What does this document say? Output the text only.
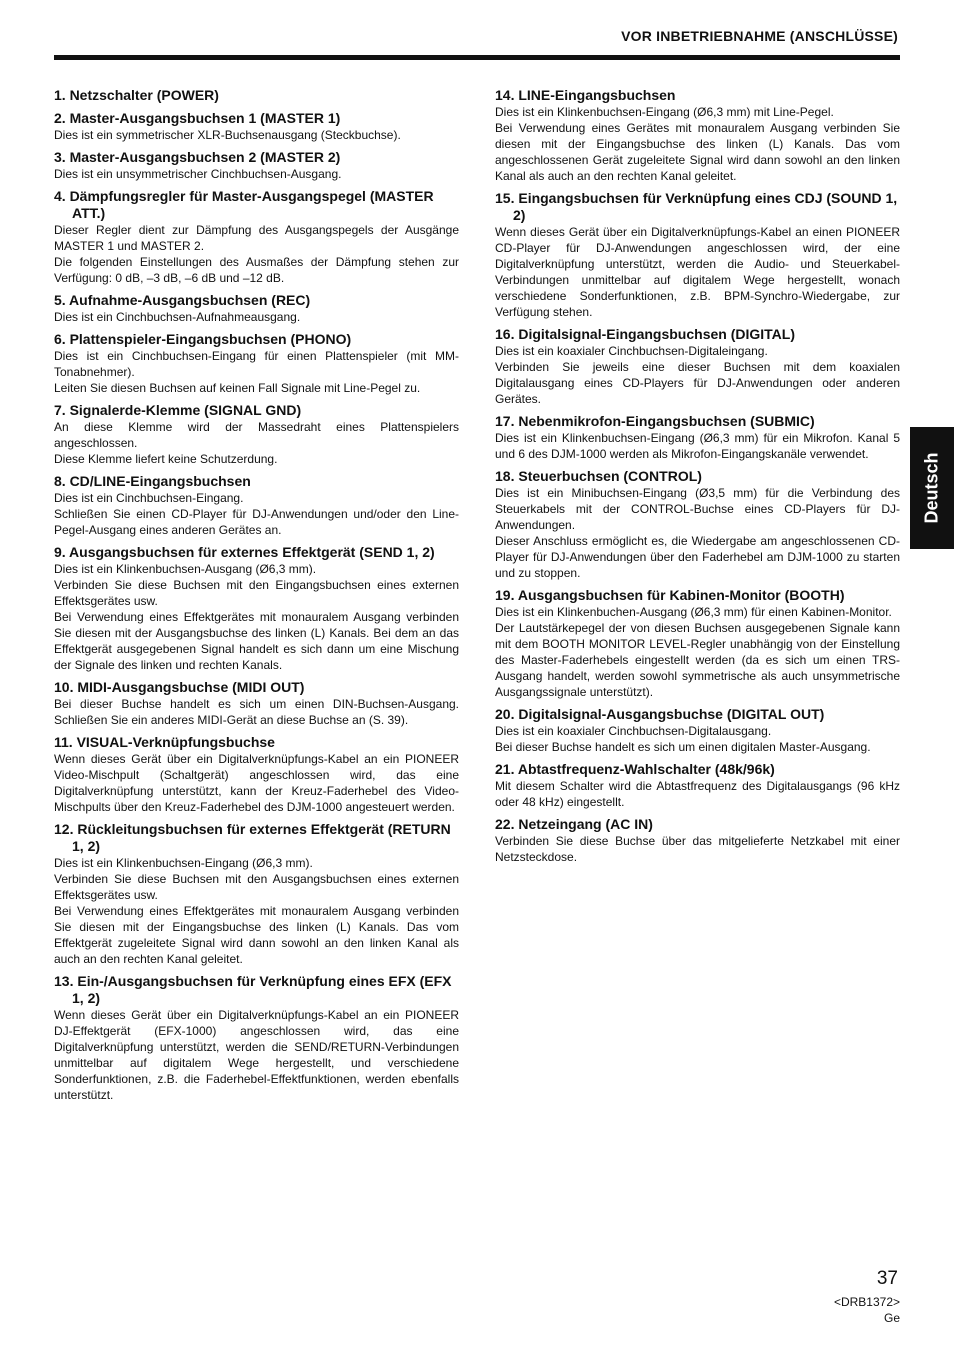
VOR INBETRIEBNAHME (ANSCHLÜSSE)
1. Netzschalter (POWER)
2. Master-Ausgangsbuchsen 1 (MASTER 1)

Dies ist ein symmetrischer XLR-Buchsenausgang (Steckbuchse).

3. Master-Ausgangsbuchsen 2 (MASTER 2)

Dies ist ein unsymmetrischer Cinchbuchsen-Ausgang.

4. Dämpfungsregler für Master-Ausgangspegel (MASTER ATT.)

Dieser Regler dient zur Dämpfung des Ausgangspegels der Ausgänge MASTER 1 und MASTER 2.

Die folgenden Einstellungen des Ausmaßes der Dämpfung stehen zur Verfügung: 0 dB, –3 dB, –6 dB und –12 dB.

5. Aufnahme-Ausgangsbuchsen (REC)

Dies ist ein Cinchbuchsen-Aufnahmeausgang.

6. Plattenspieler-Eingangsbuchsen (PHONO)

Dies ist ein Cinchbuchsen-Eingang für einen Plattenspieler (mit MM-Tonabnehmer).

Leiten Sie diesen Buchsen auf keinen Fall Signale mit Line-Pegel zu.

7. Signalerde-Klemme (SIGNAL GND)

An diese Klemme wird der Massedraht eines Plattenspielers angeschlossen.

Diese Klemme liefert keine Schutzerdung.

8. CD/LINE-Eingangsbuchsen

Dies ist ein Cinchbuchsen-Eingang.

Schließen Sie einen CD-Player für DJ-Anwendungen und/oder den Line-Pegel-Ausgang eines anderen Gerätes an.

9. Ausgangsbuchsen für externes Effektgerät (SEND 1, 2)

Dies ist ein Klinkenbuchsen-Ausgang (Ø6,3 mm).

Verbinden Sie diese Buchsen mit den Eingangsbuchsen eines externen Effektsgerätes usw.

Bei Verwendung eines Effektgerätes mit monauralem Ausgang verbinden Sie diesen mit der Ausgangsbuchse des linken (L) Kanals. Bei dem an das Effektgerät ausgegebenen Signal handelt es sich dann um eine Mischung der Signale des linken und rechten Kanals.

10. MIDI-Ausgangsbuchse (MIDI OUT)

Bei dieser Buchse handelt es sich um einen DIN-Buchsen-Ausgang. Schließen Sie ein anderes MIDI-Gerät an diese Buchse an (S. 39).

11. VISUAL-Verknüpfungsbuchse

Wenn dieses Gerät über ein Digitalverknüpfungs-Kabel an ein PIONEER Video-Mischpult (Schaltgerät) angeschlossen wird, das eine Digitalverknüpfung unterstützt, kann der Kreuz-Faderhebel des Video-Mischpults über den Kreuz-Faderhebel des DJM-1000 angesteuert werden.

12. Rückleitungsbuchsen für externes Effektgerät (RETURN 1, 2)

Dies ist ein Klinkenbuchsen-Eingang (Ø6,3 mm).

Verbinden Sie diese Buchsen mit den Ausgangsbuchsen eines externen Effektsgerätes usw.

Bei Verwendung eines Effektgerätes mit monauralem Ausgang verbinden Sie diesen mit der Eingangsbuchse des linken (L) Kanals. Das vom Effektgerät zugeleitete Signal wird dann sowohl an den linken Kanal als auch an den rechten Kanal geleitet.

13. Ein-/Ausgangsbuchsen für Verknüpfung eines EFX (EFX 1, 2)

Wenn dieses Gerät über ein Digitalverknüpfungs-Kabel an ein PIONEER DJ-Effektgerät (EFX-1000) angeschlossen wird, das eine Digitalverknüpfung unterstützt, werden die SEND/RETURN-Verbindungen unmittelbar auf digitalem Wege hergestellt, und verschiedene Sonderfunktionen, z.B. die Faderhebel-Effektfunktionen, werden ebenfalls unterstützt.

14. LINE-Eingangsbuchsen

Dies ist ein Klinkenbuchsen-Eingang (Ø6,3 mm) mit Line-Pegel.

Bei Verwendung eines Gerätes mit monauralem Ausgang verbinden Sie diesen mit der Eingangsbuchse des linken (L) Kanals. Das vom angeschlossenen Gerät zugeleitete Signal wird dann sowohl an den linken Kanal als auch an den rechten Kanal geleitet.

15. Eingangsbuchsen für Verknüpfung eines CDJ (SOUND 1, 2)

Wenn dieses Gerät über ein Digitalverknüpfungs-Kabel an einen PIONEER CD-Player für DJ-Anwendungen angeschlossen wird, der eine Digitalverknüpfung unterstützt, werden die Audio- und Steuerkabel-Verbindungen unmittelbar auf digitalem Wege hergestellt, wonach verschiedene Sonderfunktionen, z.B. BPM-Synchro-Wiedergabe, zur Verfügung stehen.

16. Digitalsignal-Eingangsbuchsen (DIGITAL)

Dies ist ein koaxialer Cinchbuchsen-Digitaleingang.

Verbinden Sie jeweils eine dieser Buchsen mit dem koaxialen Digitalausgang eines CD-Players für DJ-Anwendungen oder anderen Gerätes.

17. Nebenmikrofon-Eingangsbuchsen (SUBMIC)

Dies ist ein Klinkenbuchsen-Eingang (Ø6,3 mm) für ein Mikrofon. Kanal 5 und 6 des DJM-1000 werden als Mikrofon-Eingangskanäle verwendet.

18. Steuerbuchsen (CONTROL)

Dies ist ein Minibuchsen-Eingang (Ø3,5 mm) für die Verbindung des Steuerkabels mit der CONTROL-Buchse eines CD-Players für DJ-Anwendungen.

Dieser Anschluss ermöglicht es, die Wiedergabe am angeschlossenen CD-Player für DJ-Anwendungen über den Faderhebel am DJM-1000 zu starten und zu stoppen.

19. Ausgangsbuchsen für Kabinen-Monitor (BOOTH)

Dies ist ein Klinkenbuchen-Ausgang (Ø6,3 mm) für einen Kabinen-Monitor.

Der Lautstärkepegel der von diesen Buchsen ausgegebenen Signale kann mit dem BOOTH MONITOR LEVEL-Regler unabhängig von der Einstellung des Master-Faderhebels eingestellt werden (da es sich um einen TRS-Ausgang handelt, werden sowohl symmetrische als auch unsymmetrische Ausgangssignale unterstützt).

20. Digitalsignal-Ausgangsbuchse (DIGITAL OUT)

Dies ist ein koaxialer Cinchbuchsen-Digitalausgang.

Bei dieser Buchse handelt es sich um einen digitalen Master-Ausgang.

21. Abtastfrequenz-Wahlschalter (48k/96k)

Mit diesem Schalter wird die Abtastfrequenz des Digitalausgangs (96 kHz oder 48 kHz) eingestellt.

22. Netzeingang (AC IN)

Verbinden Sie diese Buchse über das mitgelieferte Netzkabel mit einer Netzsteckdose.

Deutsch
37
<DRB1372>
Ge
